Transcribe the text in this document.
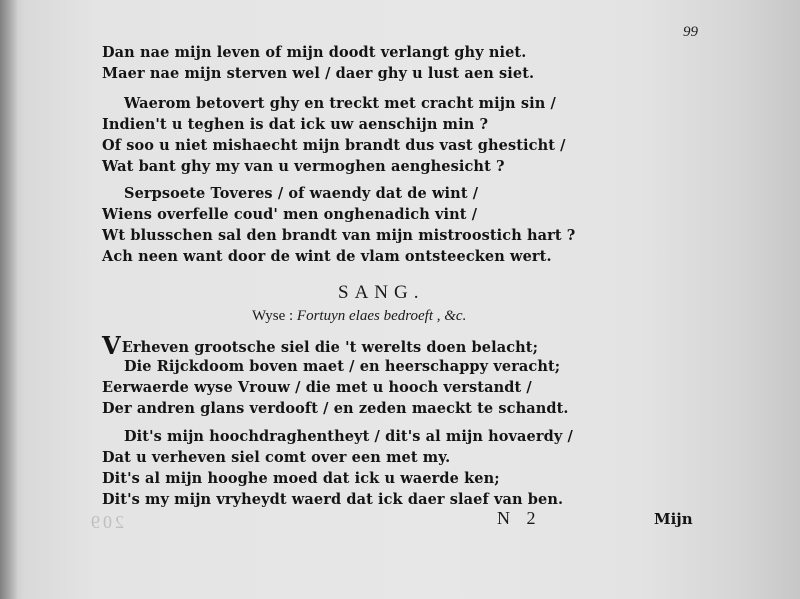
99
Dan nae mijn leven of mijn doodt verlangt ghy niet.
Maer nae mijn sterven wel / daer ghy u lust aen siet.
Waerom betovert ghy en treckt met cracht mijn sin /
Indien't u teghen is dat ick uw aenschijn min ?
Of soo u niet mishaecht mijn brandt dus vast ghesticht /
Wat bant ghy my van u vermoghen aenghesicht ?
Serpsoete Toveres / of waendy dat de wint /
Wiens overfelle coud' men onghenadich vint /
Wt blusschen sal den brandt van mijn mistroostich hart ?
Ach neen want door de wint de vlam ontsteecken wert.
SANG.
Wyse : Fortuyn elaes bedroeft , &c.
VErheven grootsche siel die 't werelts doen belacht;
Die Rijckdoom boven maet / en heerschappy veracht;
Eerwaerde wyse Vrouw / die met u hooch verstandt /
Der andren glans verdooft / en zeden maeckt te schandt.
Dit's mijn hoochdraghentheyt / dit's al mijn hovaerdy /
Dat u verheven siel comt over een met my.
Dit's al mijn hooghe moed dat ick u waerde ken;
Dit's my mijn vryheydt waerd dat ick daer slaef van ben.
209	N 2	Mijn
